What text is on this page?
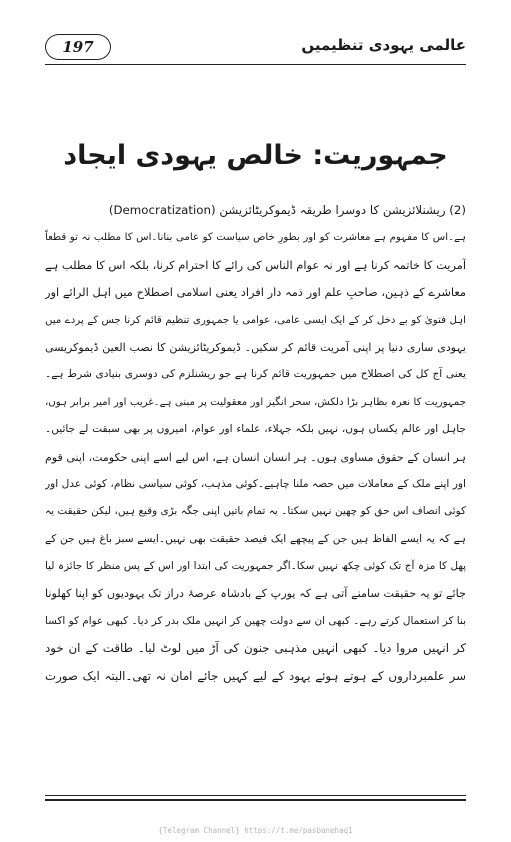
197	عالمی یہودی تنظیمیں
جمہوریت: خالص یہودی ایجاد
(2) ریشنلائزیشن کا دوسرا طریقہ ڈیموکریٹائزیشن (Democratization)
ہے۔اس کا مفہوم ہے معاشرت کو اور بطورِ خاص سیاست کو عامی بنانا۔اس کا مطلب نہ تو قطعاً
آمریت کا خاتمہ کرنا ہے اور نہ عوام الناس کی رائے کا احترام کرنا، بلکہ اس کا مطلب ہے
معاشرے کے ذہین، صاحبِ علم اور ذمہ دار افراد یعنی اسلامی اصطلاح میں اہل الرائے اور
اہل فتویٰ کو بے دخل کر کے ایک ایسی عامی، عوامی یا جمہوری تنظیم قائم کرنا جس کے پردے میں
یہودی ساری دنیا پر اپنی آمریت قائم کر سکیں۔ ڈیموکریٹائزیشن کا نصب العین ڈیموکریسی
یعنی آج کل کی اصطلاح میں جمہوریت قائم کرنا ہے جو ریشنلزم کی دوسری بنیادی شرط ہے۔
جمہوریت کا نعرہ بظاہر بڑا دلکش، سحر انگیز اور معقولیت پر مبنی ہے۔غریب اور امیر برابر ہوں،
جاہل اور عالم یکساں ہوں، نہیں بلکہ جہلاء، علماء اور عوام، امیروں پر بھی سبقت لے جائیں۔
ہر انسان کے حقوق مساوی ہوں۔ ہر انسان انسان ہے، اس لیے اسے اپنی حکومت، اپنی قوم
اور اپنے ملک کے معاملات میں حصہ ملنا چاہیے۔کوئی مذہب، کوئی سیاسی نظام، کوئی عدل اور
کوئی انصاف اس حق کو چھین نہیں سکتا۔ یہ تمام باتیں اپنی جگہ بڑی وقیع ہیں، لیکن حقیقت یہ
ہے کہ یہ ایسے الفاظ ہیں جن کے پیچھے ایک فیصد حقیقت بھی نہیں۔ایسے سبز باغ ہیں جن کے
پھل کا مزہ آج تک کوئی چکھ نہیں سکا۔اگر جمہوریت کی ابتدا اور اس کے پس منظر کا جائزہ لیا
جائے تو یہ حقیقت سامنے آتی ہے کہ یورپ کے بادشاہ عرصۂ دراز تک یہودیوں کو اپنا کھلونا
بنا کر استعمال کرتے رہے۔ کبھی ان سے دولت چھین کر انہیں ملک بدر کر دیا۔ کبھی عوام کو اکسا
کر انہیں مروا دیا۔ کبھی انہیں مذہبی جنون کی آڑ میں لوٹ لیا۔ طاقت کے ان خود
سر علمبرداروں کے ہوتے ہوئے یہود کے لیے کہیں جائے امان نہ تھی۔البتہ ایک صورت
{Telegram Channel} https://t.me/pasbanehaq1
